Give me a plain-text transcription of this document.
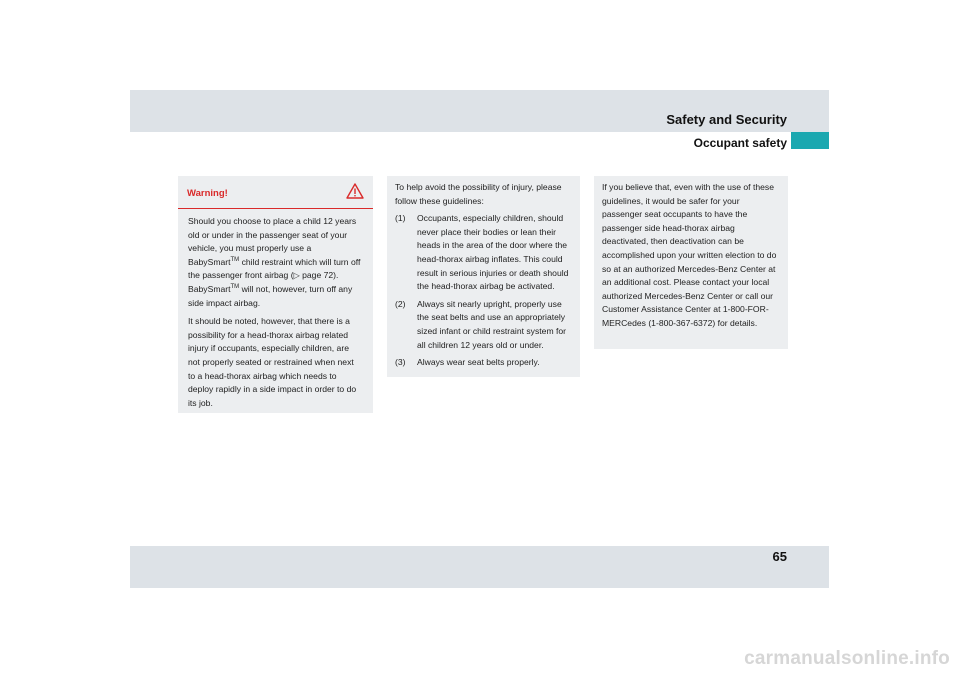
Safety and Security
Occupant safety
Warning!

Should you choose to place a child 12 years old or under in the passenger seat of your vehicle, you must properly use a BabySmart™ child restraint which will turn off the passenger front airbag (▷ page 72). BabySmart™ will not, however, turn off any side impact airbag.

It should be noted, however, that there is a possibility for a head-thorax airbag related injury if occupants, especially children, are not properly seated or restrained when next to a head-thorax airbag which needs to deploy rapidly in a side impact in order to do its job.

To help avoid the possibility of injury, please follow these guidelines:

(1)	Occupants, especially children, should never place their bodies or lean their heads in the area of the door where the head-thorax airbag inflates. This could result in serious injuries or death should the head-thorax airbag be activated.
(2)	Always sit nearly upright, properly use the seat belts and use an appropriately sized infant or child restraint system for all children 12 years old or under.
(3)	Always wear seat belts properly.

If you believe that, even with the use of these guidelines, it would be safer for your passenger seat occupants to have the passenger side head-thorax airbag deactivated, then deactivation can be accomplished upon your written election to do so at an authorized Mercedes-Benz Center at an additional cost. Please contact your local authorized Mercedes-Benz Center or call our Customer Assistance Center at 1-800-FOR-MERCedes (1-800-367-6372) for details.

65
carmanualsonline.info
